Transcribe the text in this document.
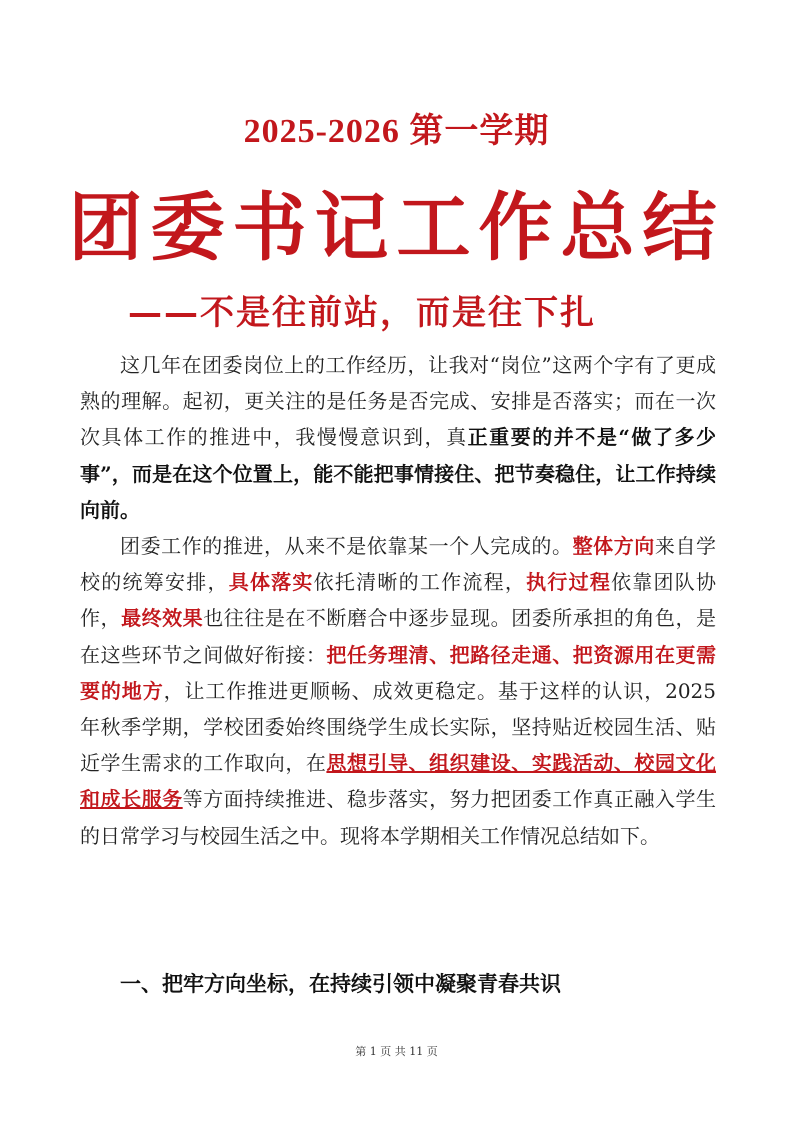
2025-2026 第一学期
团委书记工作总结
——不是往前站，而是往下扎

这几年在团委岗位上的工作经历，让我对“岗位”这两个字有了更成熟的理解。起初，更关注的是任务是否完成、安排是否落实；而在一次次具体工作的推进中，我慢慢意识到，真正重要的并不是“做了多少事”，而是在这个位置上，能不能把事情接住、把节奏稳住，让工作持续向前。

团委工作的推进，从来不是依靠某一个人完成的。整体方向来自学校的统筹安排，具体落实依托清晰的工作流程，执行过程依靠团队协作，最终效果也往往是在不断磨合中逐步显现。团委所承担的角色，是在这些环节之间做好衔接：把任务理清、把路径走通、把资源用在更需要的地方，让工作推进更顺畅、成效更稳定。基于这样的认识，2025 年秋季学期，学校团委始终围绕学生成长实际，坚持贴近校园生活、贴近学生需求的工作取向，在思想引导、组织建设、实践活动、校园文化和成长服务等方面持续推进、稳步落实，努力把团委工作真正融入学生的日常学习与校园生活之中。现将本学期相关工作情况总结如下。

一、把牢方向坐标，在持续引领中凝聚青春共识
第 1 页 共 11 页
